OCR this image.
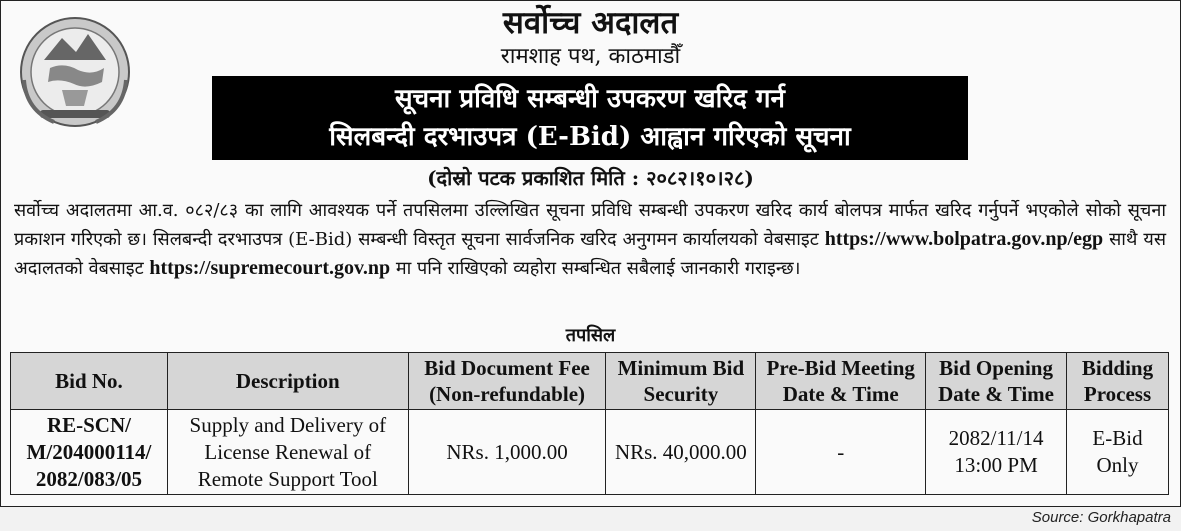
सर्वोच्च अदालत
रामशाह पथ, काठमाडौँ
सूचना प्रविधि सम्बन्धी उपकरण खरिद गर्न
सिलबन्दी दरभाउपत्र (E-Bid) आह्वान गरिएको सूचना
(दोस्रो पटक प्रकाशित मिति : २०८२।१०।२८)
सर्वोच्च अदालतमा आ.व. ०८२/८३ का लागि आवश्यक पर्ने तपसिलमा उल्लिखित सूचना प्रविधि सम्बन्धी उपकरण खरिद कार्य बोलपत्र मार्फत खरिद गर्नुपर्ने भएकोले सोको सूचना प्रकाशन गरिएको छ। सिलबन्दी दरभाउपत्र (E-Bid) सम्बन्धी विस्तृत सूचना सार्वजनिक खरिद अनुगमन कार्यालयको वेबसाइट https://www.bolpatra.gov.np/egp साथै यस अदालतको वेबसाइट https://supremecourt.gov.np मा पनि राखिएको व्यहोरा सम्बन्धित सबैलाई जानकारी गराइन्छ।
तपसिल
Bid No.	Description	Bid Document Fee (Non-refundable)	Minimum Bid Security	Pre-Bid Meeting Date & Time	Bid Opening Date & Time	Bidding Process
RE-SCN/ M/204000114/ 2082/083/05	Supply and Delivery of License Renewal of Remote Support Tool	NRs. 1,000.00	NRs. 40,000.00	-	2082/11/14 13:00 PM	E-Bid Only
Source: Gorkhapatra
